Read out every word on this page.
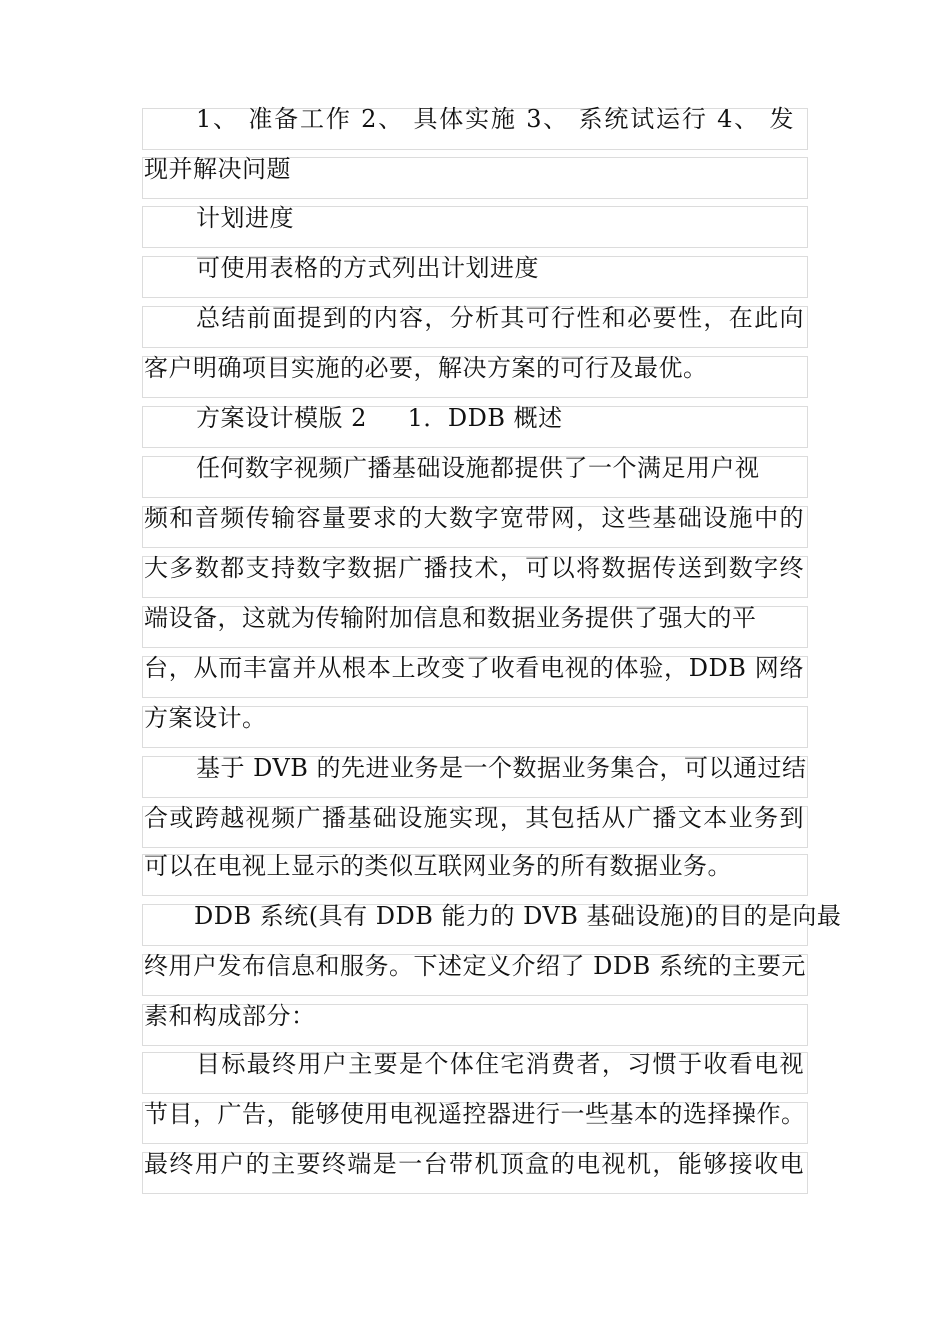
1、 准备工作 2、 具体实施 3、 系统试运行 4、 发
现并解决问题
计划进度
可使用表格的方式列出计划进度
总结前面提到的内容，分析其可行性和必要性，在此向
客户明确项目实施的必要，解决方案的可行及最优。
方案设计模版 2 　 1．DDB 概述
任何数字视频广播基础设施都提供了一个满足用户视
频和音频传输容量要求的大数字宽带网，这些基础设施中的
大多数都支持数字数据广播技术，可以将数据传送到数字终
端设备，这就为传输附加信息和数据业务提供了强大的平
台，从而丰富并从根本上改变了收看电视的体验，DDB 网络
方案设计。
基于 DVB 的先进业务是一个数据业务集合，可以通过结
合或跨越视频广播基础设施实现，其包括从广播文本业务到
可以在电视上显示的类似互联网业务的所有数据业务。
DDB 系统(具有 DDB 能力的 DVB 基础设施)的目的是向最
终用户发布信息和服务。下述定义介绍了 DDB 系统的主要元
素和构成部分：
目标最终用户主要是个体住宅消费者，习惯于收看电视
节目，广告，能够使用电视遥控器进行一些基本的选择操作。
最终用户的主要终端是一台带机顶盒的电视机，能够接收电
